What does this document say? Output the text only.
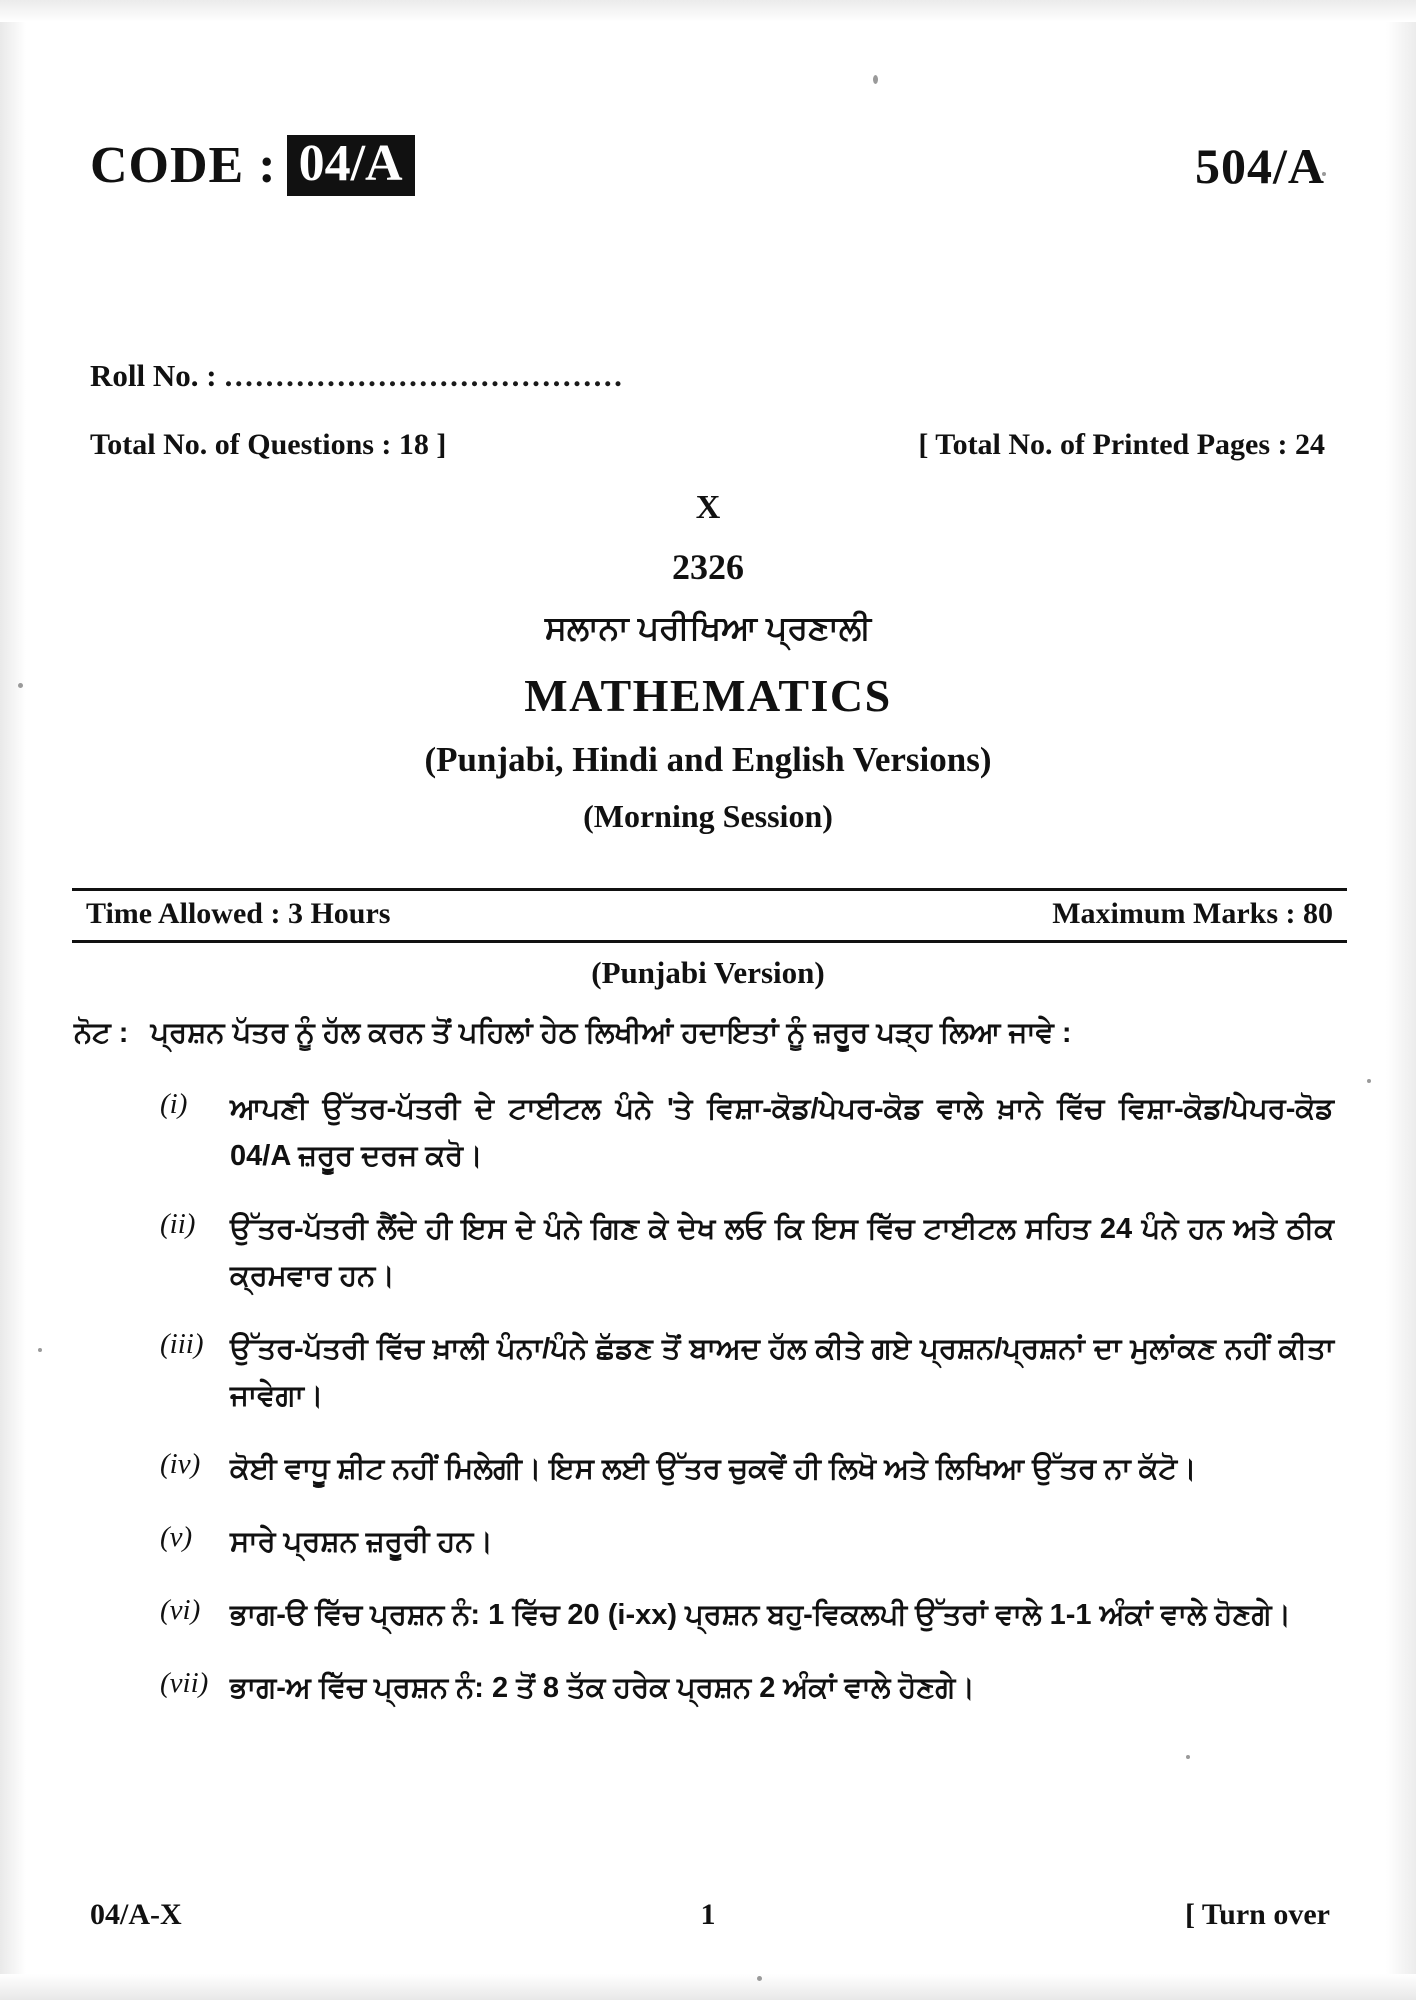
CODE : 04/A	504/A
Roll No. : .......................................
Total No. of Questions : 18 ]	[ Total No. of Printed Pages : 24
X
2326
ਸਲਾਨਾ ਪਰੀਖਿਆ ਪ੍ਰਣਾਲੀ
MATHEMATICS
(Punjabi, Hindi and English Versions)
(Morning Session)
Time Allowed : 3 Hours	Maximum Marks : 80
(Punjabi Version)
ਨੋਟ : ਪ੍ਰਸ਼ਨ ਪੱਤਰ ਨੂੰ ਹੱਲ ਕਰਨ ਤੋਂ ਪਹਿਲਾਂ ਹੇਠ ਲਿਖੀਆਂ ਹਦਾਇਤਾਂ ਨੂੰ ਜ਼ਰੂਰ ਪੜ੍ਹ ਲਿਆ ਜਾਵੇ :
(i)	ਆਪਣੀ ਉੱਤਰ-ਪੱਤਰੀ ਦੇ ਟਾਈਟਲ ਪੰਨੇ 'ਤੇ ਵਿਸ਼ਾ-ਕੋਡ/ਪੇਪਰ-ਕੋਡ ਵਾਲੇ ਖ਼ਾਨੇ ਵਿੱਚ ਵਿਸ਼ਾ-ਕੋਡ/ਪੇਪਰ-ਕੋਡ 04/A ਜ਼ਰੂਰ ਦਰਜ ਕਰੋ।
(ii)	ਉੱਤਰ-ਪੱਤਰੀ ਲੈਂਦੇ ਹੀ ਇਸ ਦੇ ਪੰਨੇ ਗਿਣ ਕੇ ਦੇਖ ਲਓ ਕਿ ਇਸ ਵਿੱਚ ਟਾਈਟਲ ਸਹਿਤ 24 ਪੰਨੇ ਹਨ ਅਤੇ ਠੀਕ ਕ੍ਰਮਵਾਰ ਹਨ।
(iii) ਉੱਤਰ-ਪੱਤਰੀ ਵਿੱਚ ਖ਼ਾਲੀ ਪੰਨਾ/ਪੰਨੇ ਛੱਡਣ ਤੋਂ ਬਾਅਦ ਹੱਲ ਕੀਤੇ ਗਏ ਪ੍ਰਸ਼ਨ/ਪ੍ਰਸ਼ਨਾਂ ਦਾ ਮੁਲਾਂਕਣ ਨਹੀਂ ਕੀਤਾ ਜਾਵੇਗਾ।
(iv)	ਕੋਈ ਵਾਧੂ ਸ਼ੀਟ ਨਹੀਂ ਮਿਲੇਗੀ। ਇਸ ਲਈ ਉੱਤਰ ਚੁਕਵੇਂ ਹੀ ਲਿਖੋ ਅਤੇ ਲਿਖਿਆ ਉੱਤਰ ਨਾ ਕੱਟੋ।
(v)	ਸਾਰੇ ਪ੍ਰਸ਼ਨ ਜ਼ਰੂਰੀ ਹਨ।
(vi)	ਭਾਗ-ੳ ਵਿੱਚ ਪ੍ਰਸ਼ਨ ਨੰ: 1 ਵਿੱਚ 20 (i-xx) ਪ੍ਰਸ਼ਨ ਬਹੁ-ਵਿਕਲਪੀ ਉੱਤਰਾਂ ਵਾਲੇ 1-1 ਅੰਕਾਂ ਵਾਲੇ ਹੋਣਗੇ।
(vii) ਭਾਗ-ਅ ਵਿੱਚ ਪ੍ਰਸ਼ਨ ਨੰ: 2 ਤੋਂ 8 ਤੱਕ ਹਰੇਕ ਪ੍ਰਸ਼ਨ 2 ਅੰਕਾਂ ਵਾਲੇ ਹੋਣਗੇ।
04/A-X	[ Turn over
1
